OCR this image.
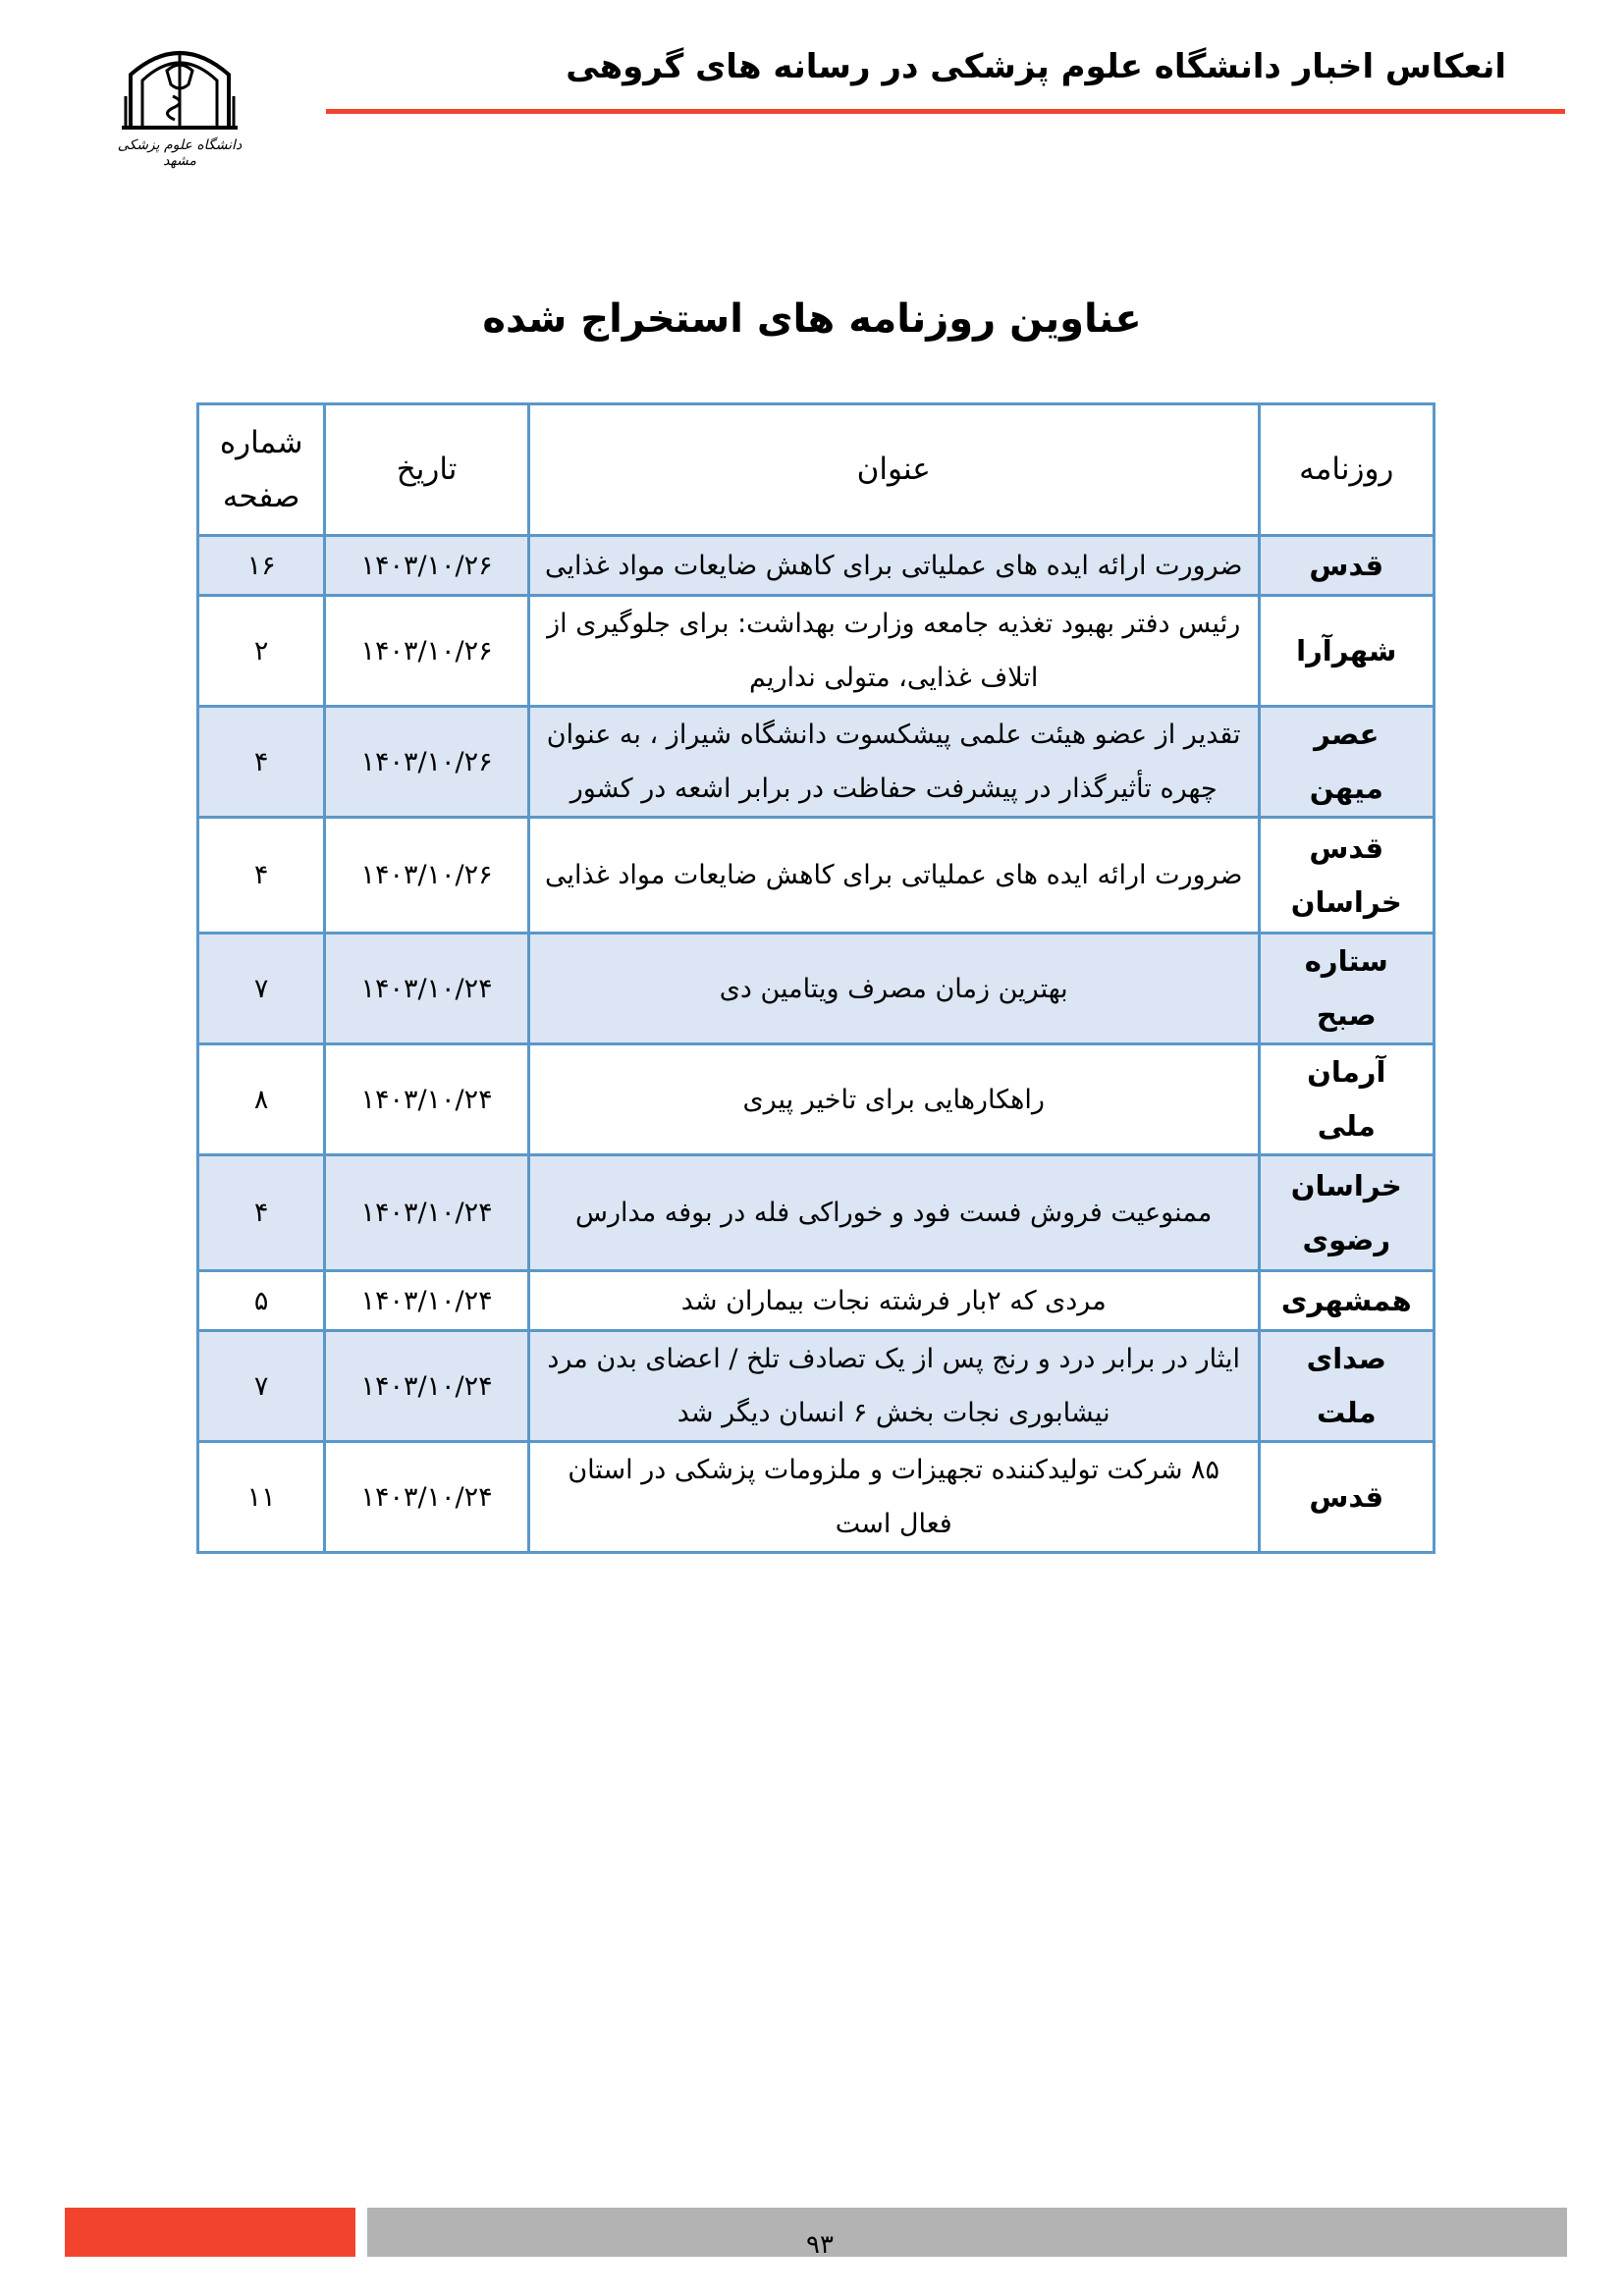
انعکاس اخبار دانشگاه علوم پزشکی در رسانه های گروهی
دانشگاه علوم پزشکی مشهد
عناوین روزنامه های استخراج شده
روزنامه	عنوان	تاریخ	شماره
صفحه
قدس	ضرورت ارائه ایده های عملیاتی برای کاهش ضایعات مواد غذایی	۱۴۰۳/۱۰/۲۶	۱۶
شهرآرا	رئیس دفتر بهبود تغذیه جامعه وزارت بهداشت: برای جلوگیری از اتلاف غذایی، متولی نداریم	۱۴۰۳/۱۰/۲۶	۲
عصر میهن	تقدیر از عضو هیئت علمی پیشکسوت دانشگاه شیراز ، به عنوان چهره تأثیرگذار در پیشرفت حفاظت در برابر اشعه در کشور	۱۴۰۳/۱۰/۲۶	۴
قدس خراسان	ضرورت ارائه ایده های عملیاتی برای کاهش ضایعات مواد غذایی	۱۴۰۳/۱۰/۲۶	۴
ستاره صبح	بهترین زمان مصرف ویتامین دی	۱۴۰۳/۱۰/۲۴	۷
آرمان ملی	راهکارهایی برای تاخیر پیری	۱۴۰۳/۱۰/۲۴	۸
خراسان رضوی	ممنوعیت فروش فست فود و خوراکی فله در بوفه مدارس	۱۴۰۳/۱۰/۲۴	۴
همشهری	مردی که ۲بار فرشته نجات بیماران شد	۱۴۰۳/۱۰/۲۴	۵
صدای ملت	ایثار در برابر درد و رنج پس از یک تصادف تلخ / اعضای بدن مرد نیشابوری نجات بخش ۶ انسان دیگر شد	۱۴۰۳/۱۰/۲۴	۷
قدس	۸۵ شرکت تولیدکننده تجهیزات و ملزومات پزشکی در استان فعال است	۱۴۰۳/۱۰/۲۴	۱۱
۹۳
